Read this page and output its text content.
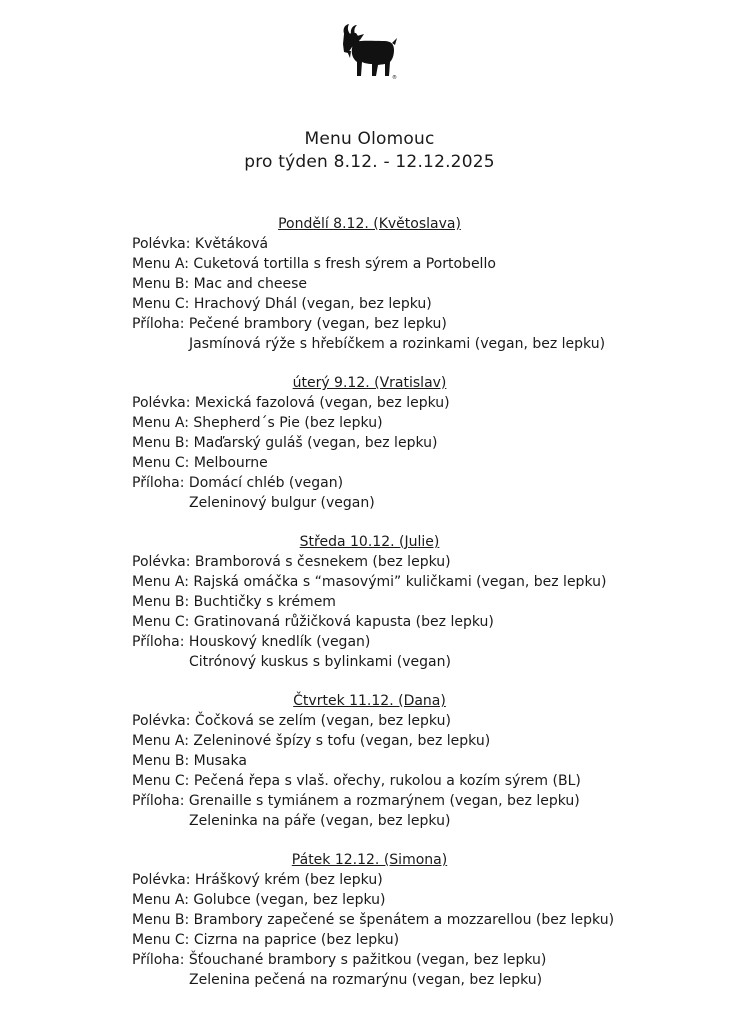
®
Menu Olomouc
pro týden 8.12. - 12.12.2025
Pondělí 8.12. (Květoslava)
Polévka: Květáková
Menu A: Cuketová tortilla s fresh sýrem a Portobello
Menu B: Mac and cheese
Menu C: Hrachový Dhál (vegan, bez lepku)
Příloha: Pečené brambory (vegan, bez lepku)
Jasmínová rýže s hřebíčkem a rozinkami (vegan, bez lepku)
úterý 9.12. (Vratislav)
Polévka: Mexická fazolová (vegan, bez lepku)
Menu A: Shepherd´s Pie (bez lepku)
Menu B: Maďarský guláš (vegan, bez lepku)
Menu C: Melbourne
Příloha: Domácí chléb (vegan)
Zeleninový bulgur (vegan)
Středa 10.12. (Julie)
Polévka: Bramborová s česnekem (bez lepku)
Menu A: Rajská omáčka s “masovými” kuličkami (vegan, bez lepku)
Menu B: Buchtičky s krémem
Menu C: Gratinovaná růžičková kapusta (bez lepku)
Příloha: Houskový knedlík (vegan)
Citrónový kuskus s bylinkami (vegan)
Čtvrtek 11.12. (Dana)
Polévka: Čočková se zelím (vegan, bez lepku)
Menu A: Zeleninové špízy s tofu (vegan, bez lepku)
Menu B: Musaka
Menu C: Pečená řepa s vlaš. ořechy, rukolou a kozím sýrem (BL)
Příloha: Grenaille s tymiánem a rozmarýnem (vegan, bez lepku)
Zeleninka na páře (vegan, bez lepku)
Pátek 12.12. (Simona)
Polévka: Hráškový krém (bez lepku)
Menu A: Golubce (vegan, bez lepku)
Menu B: Brambory zapečené se špenátem a mozzarellou (bez lepku)
Menu C: Cizrna na paprice (bez lepku)
Příloha: Šťouchané brambory s pažitkou (vegan, bez lepku)
Zelenina pečená na rozmarýnu (vegan, bez lepku)
